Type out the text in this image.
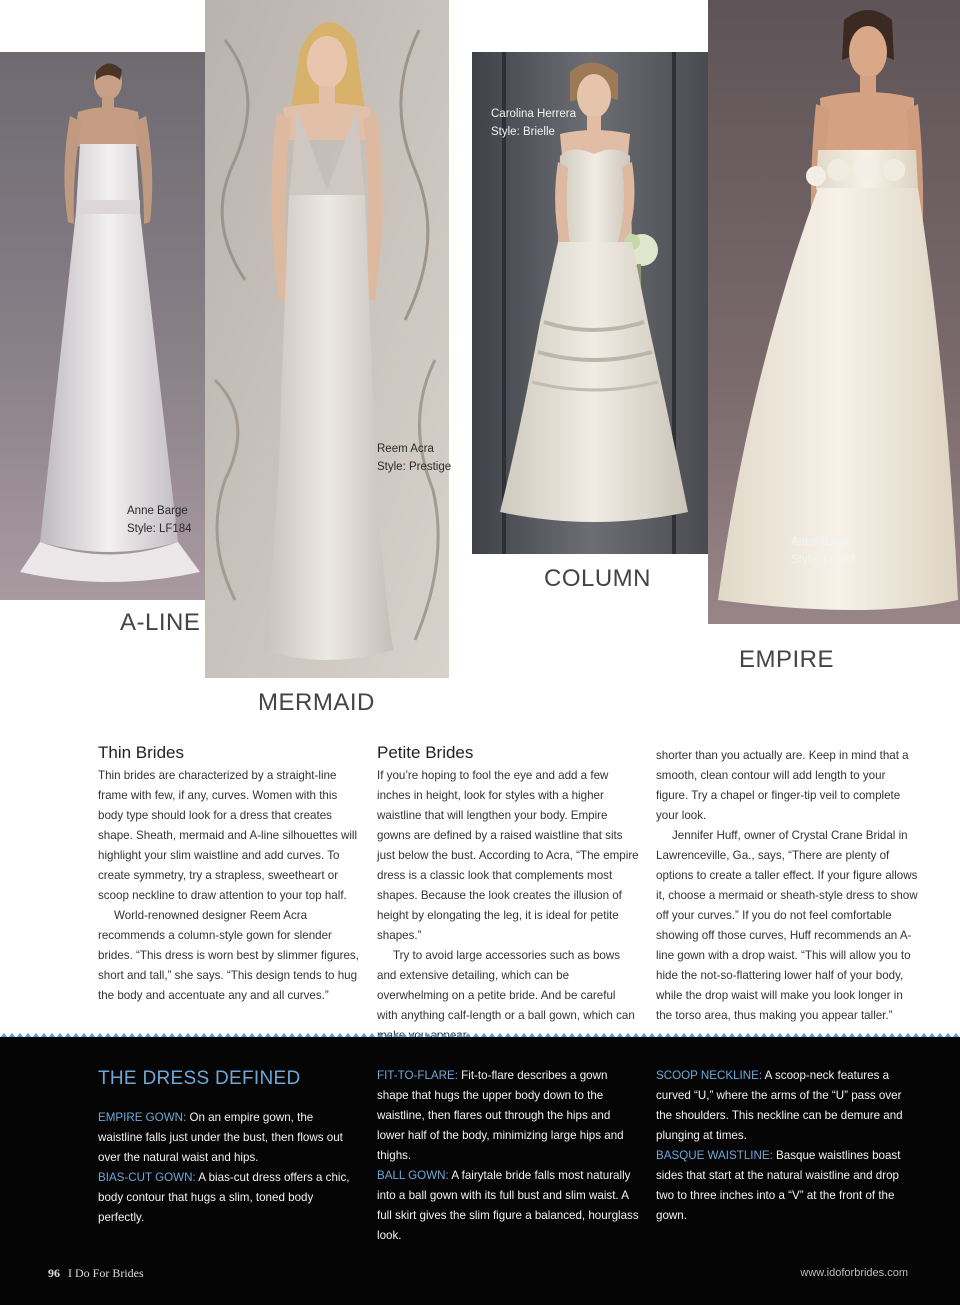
Anne Barge
Style: LF184
A-LINE
Reem Acra
Style: Prestige
MERMAID
Carolina Herrera
Style: Brielle
COLUMN
Anne Barge
Style: LF183
EMPIRE
Thin Brides

Thin brides are characterized by a straight-line frame with few, if any, curves. Women with this body type should look for a dress that creates shape. Sheath, mermaid and A-line silhouettes will highlight your slim waistline and add curves. To create symmetry, try a strapless, sweetheart or scoop neckline to draw attention to your top half.

World-renowned designer Reem Acra recommends a column-style gown for slender brides. “This dress is worn best by slimmer figures, short and tall,” she says. “This design tends to hug the body and accentuate any and all curves.”

Petite Brides

If you’re hoping to fool the eye and add a few inches in height, look for styles with a higher waistline that will lengthen your body. Empire gowns are defined by a raised waistline that sits just below the bust. According to Acra, “The empire dress is a classic look that complements most shapes. Because the look creates the illusion of height by elongating the leg, it is ideal for petite shapes.”

Try to avoid large accessories such as bows and extensive detailing, which can be overwhelming on a petite bride. And be careful with anything calf-length or a ball gown, which can

shorter than you actually are. Keep in mind that a smooth, clean contour will add length to your figure. Try a chapel or finger-tip veil to complete your look.

Jennifer Huff, owner of Crystal Crane Bridal in Lawrenceville, Ga., says, “There are plenty of options to create a taller effect. If your figure allows it, choose a mermaid or sheath-style dress to show off your curves.” If you do not feel comfortable showing off those curves, Huff recommends an A-line gown with a drop waist. “This will allow you to hide the not-so-flattering lower half of your body, while the drop waist will make you look longer in the torso area, thus making you appear taller.”

THE DRESS DEFINED

EMPIRE GOWN: On an empire gown, the waistline falls just under the bust, then flows out over the natural waist and hips.

BIAS-CUT GOWN: A bias-cut dress offers a chic, body contour that hugs a slim, toned body perfectly.

FIT-TO-FLARE: Fit-to-flare describes a gown shape that hugs the upper body down to the waistline, then flares out through the hips and lower half of the body, minimizing large hips and thighs.

BALL GOWN: A fairytale bride falls most naturally into a ball gown with its full bust and slim waist. A full skirt gives the slim figure a balanced, hourglass look.

SCOOP NECKLINE: A scoop-neck features a curved “U,” where the arms of the “U” pass over the shoulders. This neckline can be demure and plunging at times.

BASQUE WAISTLINE: Basque waistlines boast sides that start at the natural waistline and drop two to three inches into a “V” at the front of the gown.

96 I Do For Brides	www.idoforbrides.com
